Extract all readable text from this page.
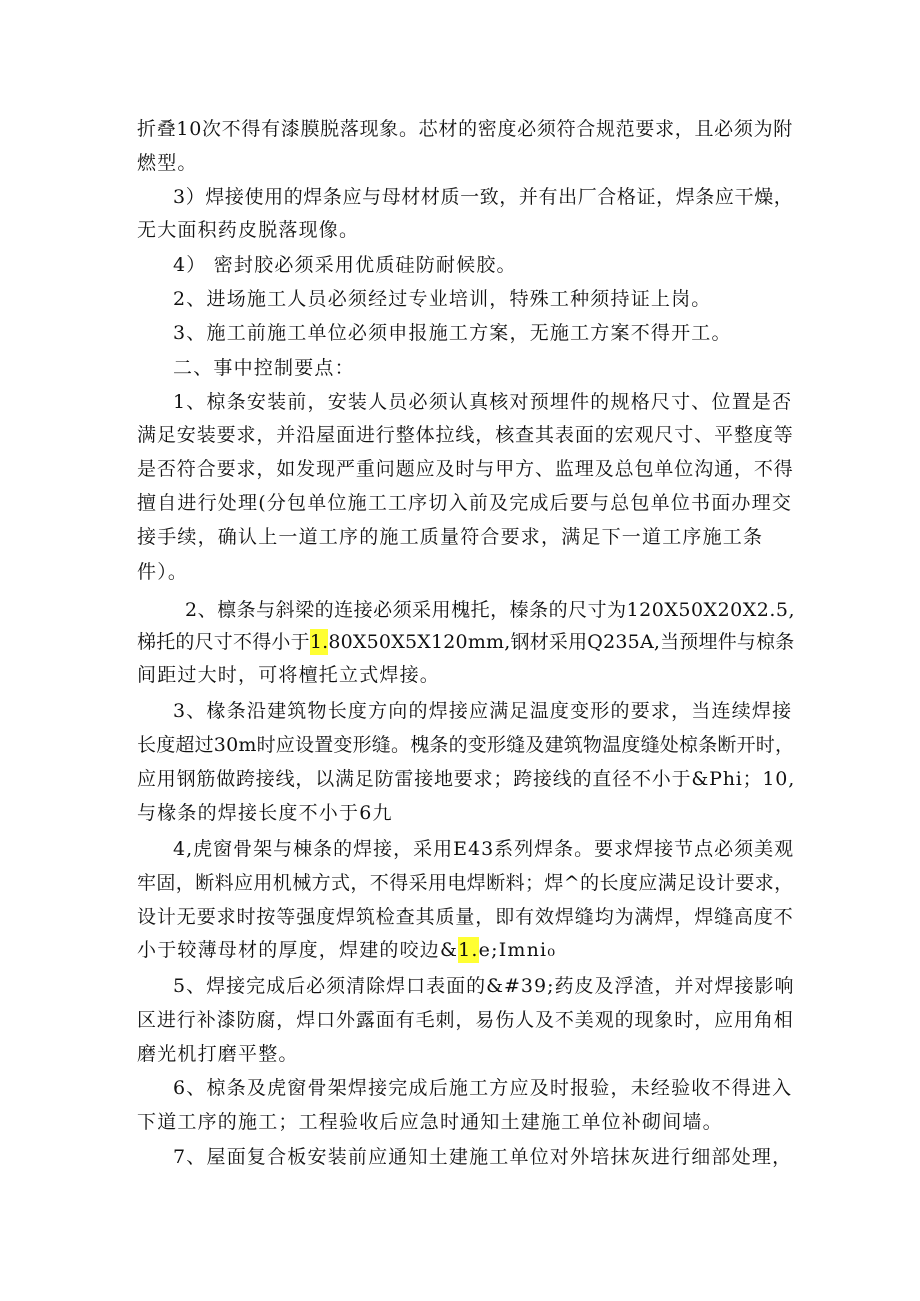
折叠10次不得有漆膜脱落现象。芯材的密度必须符合规范要求，且必须为附
燃型。
3）焊接使用的焊条应与母材材质一致，并有出厂合格证，焊条应干燥，
无大面积药皮脱落现像。
4） 密封胶必须采用优质硅防耐候胶。
2、进场施工人员必须经过专业培训，特殊工种须持证上岗。
3、施工前施工单位必须申报施工方案，无施工方案不得开工。
二、事中控制要点：
1、椋条安装前，安装人员必须认真核对预埋件的规格尺寸、位置是否
满足安装要求，并沿屋面进行整体拉线，核查其表面的宏观尺寸、平整度等
是否符合要求，如发现严重问题应及时与甲方、监理及总包单位沟通，不得
擅自进行处理(分包单位施工工序切入前及完成后要与总包单位书面办理交
接手续，确认上一道工序的施工质量符合要求，满足下一道工序施工条
件）。
2、檩条与斜梁的连接必须采用槐托，榛条的尺寸为120X50X20X2.5,
梯托的尺寸不得小于1.80X50X5X120mm,钢材采用Q235A,当预埋件与椋条
间距过大时，可将檀托立式焊接。
3、椽条沿建筑物长度方向的焊接应满足温度变形的要求，当连续焊接
长度超过30m时应设置变形缝。槐条的变形缝及建筑物温度缝处椋条断开时，
应用钢筋做跨接线，以满足防雷接地要求；跨接线的直径不小于&Phi；10,
与椽条的焊接长度不小于6九
4,虎窗骨架与棟条的焊接，采用E43系列焊条。要求焊接节点必须美观
牢固，断料应用机械方式，不得采用电焊断料；焊^的长度应满足设计要求，
设计无要求时按等强度焊筑检查其质量，即有效焊缝均为满焊，焊缝高度不
小于较薄母材的厚度，焊建的咬边&1.e;Imni₀
5、焊接完成后必须清除焊口表面的&#39;药皮及浮渣，并对焊接影响
区进行补漆防腐，焊口外露面有毛刺，易伤人及不美观的现象时，应用角相
磨光机打磨平整。
6、椋条及虎窗骨架焊接完成后施工方应及时报验，未经验收不得进入
下道工序的施工；工程验收后应急时通知土建施工单位补砌间墙。
7、屋面复合板安装前应通知土建施工单位对外培抹灰进行细部处理，
